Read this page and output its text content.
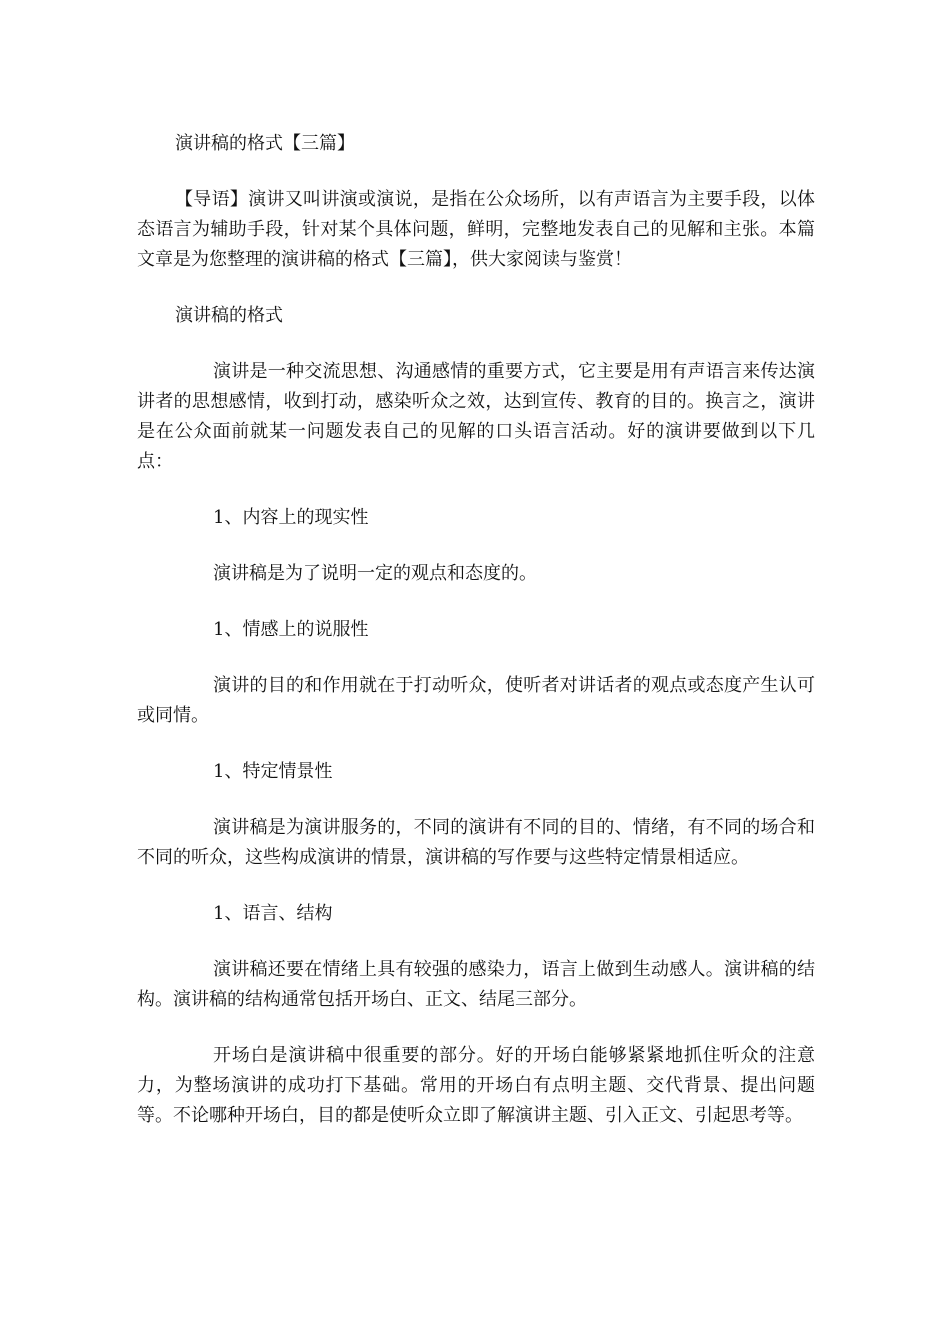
演讲稿的格式【三篇】

【导语】演讲又叫讲演或演说，是指在公众场所，以有声语言为主要手段，以体态语言为辅助手段，针对某个具体问题，鲜明，完整地发表自己的见解和主张。本篇文章是为您整理的演讲稿的格式【三篇】，供大家阅读与鉴赏！

演讲稿的格式

演讲是一种交流思想、沟通感情的重要方式，它主要是用有声语言来传达演讲者的思想感情，收到打动，感染听众之效，达到宣传、教育的目的。换言之，演讲是在公众面前就某一问题发表自己的见解的口头语言活动。好的演讲要做到以下几点：

1、内容上的现实性

演讲稿是为了说明一定的观点和态度的。

1、情感上的说服性

演讲的目的和作用就在于打动听众，使听者对讲话者的观点或态度产生认可或同情。

1、特定情景性

演讲稿是为演讲服务的，不同的演讲有不同的目的、情绪，有不同的场合和不同的听众，这些构成演讲的情景，演讲稿的写作要与这些特定情景相适应。

1、语言、结构

演讲稿还要在情绪上具有较强的感染力，语言上做到生动感人。演讲稿的结构。演讲稿的结构通常包括开场白、正文、结尾三部分。

开场白是演讲稿中很重要的部分。好的开场白能够紧紧地抓住听众的注意力，为整场演讲的成功打下基础。常用的开场白有点明主题、交代背景、提出问题等。不论哪种开场白，目的都是使听众立即了解演讲主题、引入正文、引起思考等。
